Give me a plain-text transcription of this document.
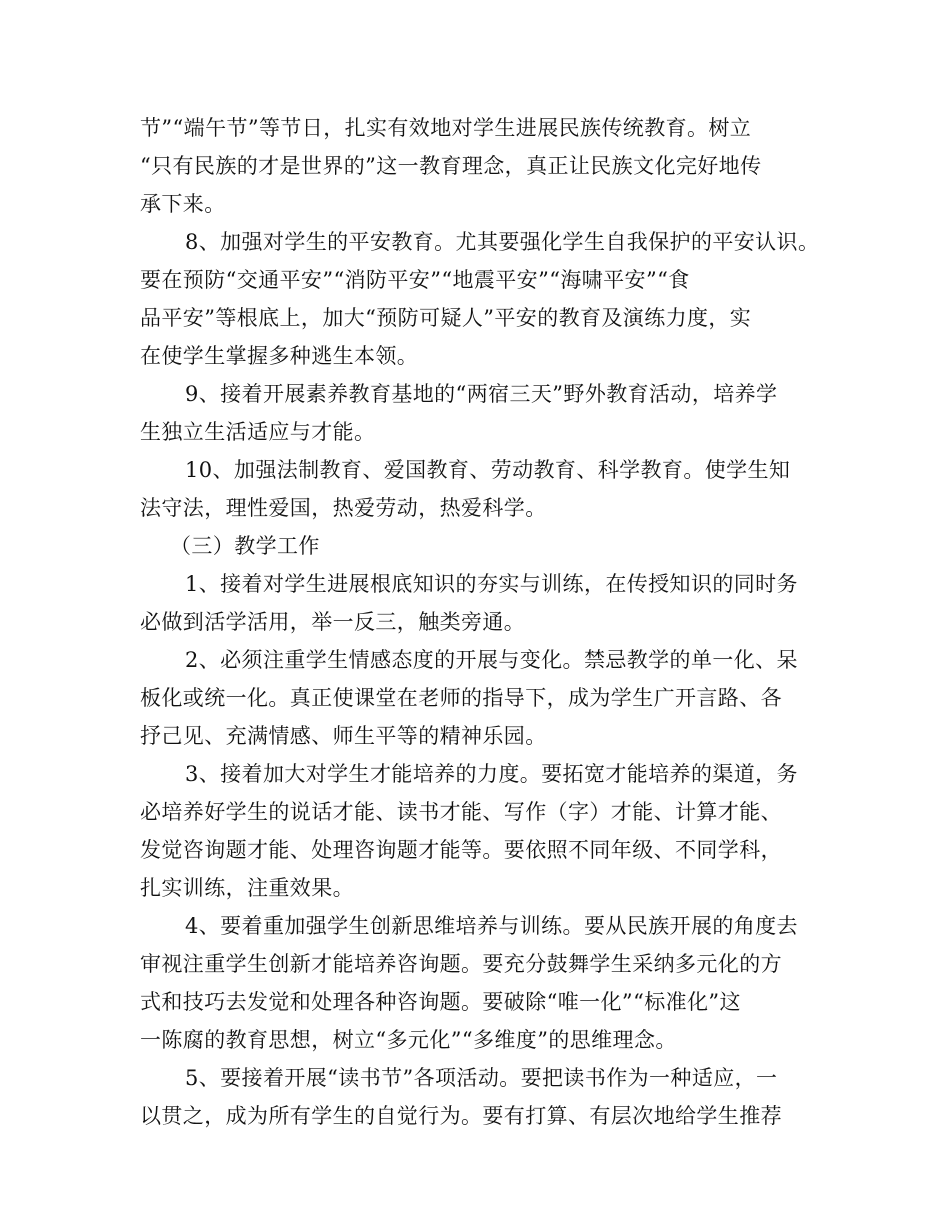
节”“端午节”等节日，扎实有效地对学生进展民族传统教育。树立
“只有民族的才是世界的”这一教育理念，真正让民族文化完好地传
承下来。
8、加强对学生的平安教育。尤其要强化学生自我保护的平安认识。
要在预防“交通平安”“消防平安”“地震平安”“海啸平安”“食
品平安”等根底上，加大“预防可疑人”平安的教育及演练力度，实
在使学生掌握多种逃生本领。
9、接着开展素养教育基地的“两宿三天”野外教育活动，培养学
生独立生活适应与才能。
10、加强法制教育、爱国教育、劳动教育、科学教育。使学生知
法守法，理性爱国，热爱劳动，热爱科学。
（三）教学工作
1、接着对学生进展根底知识的夯实与训练，在传授知识的同时务
必做到活学活用，举一反三，触类旁通。
2、必须注重学生情感态度的开展与变化。禁忌教学的单一化、呆
板化或统一化。真正使课堂在老师的指导下，成为学生广开言路、各
抒己见、充满情感、师生平等的精神乐园。
3、接着加大对学生才能培养的力度。要拓宽才能培养的渠道，务
必培养好学生的说话才能、读书才能、写作（字）才能、计算才能、
发觉咨询题才能、处理咨询题才能等。要依照不同年级、不同学科，
扎实训练，注重效果。
4、要着重加强学生创新思维培养与训练。要从民族开展的角度去
审视注重学生创新才能培养咨询题。要充分鼓舞学生采纳多元化的方
式和技巧去发觉和处理各种咨询题。要破除“唯一化”“标准化”这
一陈腐的教育思想，树立“多元化”“多维度”的思维理念。
5、要接着开展“读书节”各项活动。要把读书作为一种适应，一
以贯之，成为所有学生的自觉行为。要有打算、有层次地给学生推荐
